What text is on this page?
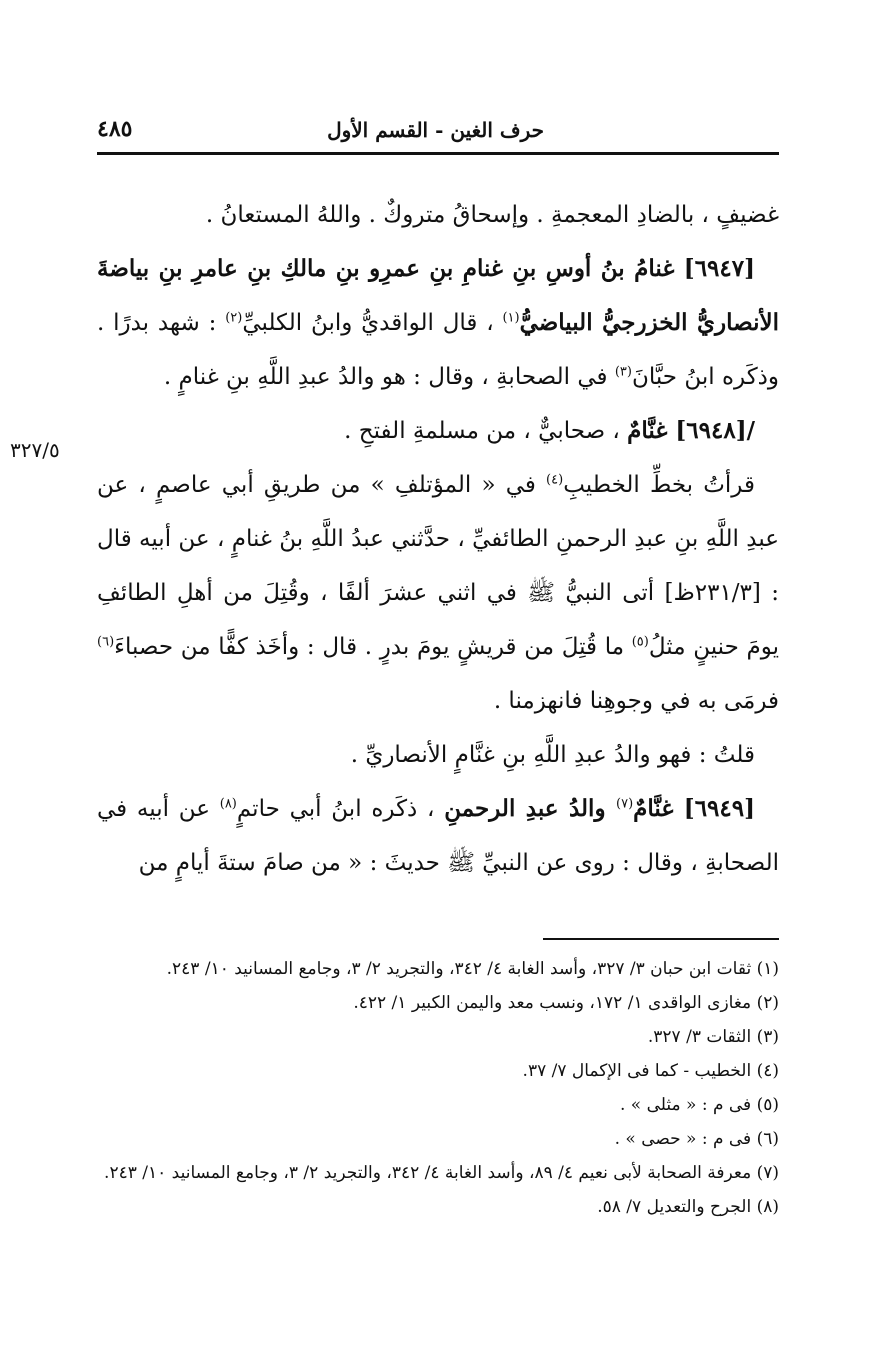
٤٨٥	حرف الغين - القسم الأول
٣٢٧/٥

غضيفٍ ، بالضادِ المعجمةِ . وإسحاقُ متروكٌ . واللهُ المستعانُ .

[٦٩٤٧] غنامُ بنُ أوسِ بنِ غنامِ بنِ عمرِو بنِ مالكِ بنِ عامرِ بنِ بياضةَ الأنصاريُّ الخزرجيُّ البياضيُّ$^{(١)}$ ، قال الواقديُّ وابنُ الكلبيِّ$^{(٢)}$ : شهد بدرًا . وذكَره ابنُ حبَّانَ$^{(٣)}$ في الصحابةِ ، وقال : هو والدُ عبدِ اللَّهِ بنِ غنامٍ .

/[٦٩٤٨] غنَّامٌ ، صحابيٌّ ، من مسلمةِ الفتحِ .

قرأتُ بخطِّ الخطيبِ$^{(٤)}$ في « المؤتلفِ » من طريقِ أبي عاصمٍ ، عن عبدِ اللَّهِ بنِ عبدِ الرحمنِ الطائفيِّ ، حدَّثني عبدُ اللَّهِ بنُ غنامٍ ، عن أبيه قال : [٢٣١/٣ظ] أتى النبيُّ ﷺ في اثني عشرَ ألفًا ، وقُتِلَ من أهلِ الطائفِ يومَ حنينٍ مثلُ$^{(٥)}$ ما قُتِلَ من قريشٍ يومَ بدرٍ . قال : وأخَذ كفًّا من حصباءَ$^{(٦)}$ فرمَى به في وجوهِنا فانهزمنا .

قلتُ : فهو والدُ عبدِ اللَّهِ بنِ غنَّامٍ الأنصاريِّ .

[٦٩٤٩] غنَّامٌ$^{(٧)}$ والدُ عبدِ الرحمنِ ، ذكَره ابنُ أبي حاتمٍ$^{(٨)}$ عن أبيه في الصحابةِ ، وقال : روى عن النبيِّ ﷺ حديثَ : « من صامَ ستةَ أيامٍ من

(١) ثقات ابن حبان ٣/ ٣٢٧، وأسد الغابة ٤/ ٣٤٢، والتجريد ٢/ ٣، وجامع المسانيد ١٠/ ٢٤٣.

(٢) مغازى الواقدى ١/ ١٧٢، ونسب معد واليمن الكبير ١/ ٤٢٢.

(٣) الثقات ٣/ ٣٢٧.

(٤) الخطيب - كما فى الإكمال ٧/ ٣٧.

(٥) فى م : « مثلى » .

(٦) فى م : « حصى » .

(٧) معرفة الصحابة لأبى نعيم ٤/ ٨٩، وأسد الغابة ٤/ ٣٤٢، والتجريد ٢/ ٣، وجامع المسانيد ١٠/ ٢٤٣.

(٨) الجرح والتعديل ٧/ ٥٨.
